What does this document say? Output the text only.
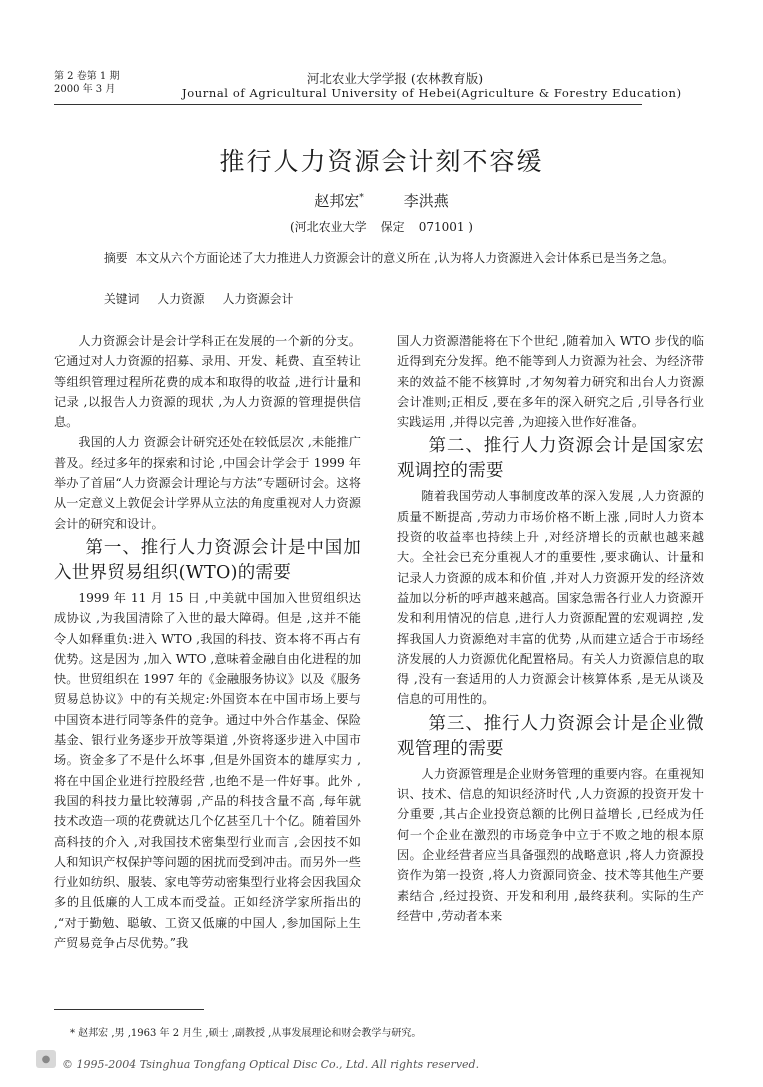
第 2 卷第 1 期
2000 年 3 月
河北农业大学学报 (农林教育版)
Journal of Agricultural University of Hebei(Agriculture & Forestry Education)
推行人力资源会计刻不容缓
赵邦宏*	李洪燕
(河北农业大学 保定 071001 )

摘要 本文从六个方面论述了大力推进人力资源会计的意义所在 ,认为将人力资源进入会计体系已是当务之急。

关键词 人力资源 人力资源会计

人力资源会计是会计学科正在发展的一个新的分支。它通过对人力资源的招募、录用、开发、耗费、直至转让等组织管理过程所花费的成本和取得的收益 ,进行计量和记录 ,以报告人力资源的现状 ,为人力资源的管理提供信息。

我国的人力 资源会计研究还处在较低层次 ,未能推广普及。经过多年的探索和讨论 ,中国会计学会于 1999 年举办了首届“人力资源会计理论与方法”专题研讨会。这将从一定意义上敦促会计学界从立法的角度重视对人力资源会计的研究和设计。

第一、推行人力资源会计是中国加入世界贸易组织(WTO)的需要

1999 年 11 月 15 日 ,中美就中国加入世贸组织达成协议 ,为我国清除了入世的最大障碍。但是 ,这并不能令人如释重负:进入 WTO ,我国的科技、资本将不再占有优势。这是因为 ,加入 WTO ,意味着金融自由化进程的加快。世贸组织在 1997 年的《金融服务协议》以及《服务贸易总协议》中的有关规定:外国资本在中国市场上要与中国资本进行同等条件的竞争。通过中外合作基金、保险基金、银行业务逐步开放等渠道 ,外资将逐步进入中国市场。资金多了不是什么坏事 ,但是外国资本的雄厚实力 ,将在中国企业进行控股经营 ,也绝不是一件好事。此外 ,我国的科技力量比较薄弱 ,产品的科技含量不高 ,每年就技术改造一项的花费就达几个亿甚至几十个亿。随着国外高科技的介入 ,对我国技术密集型行业而言 ,会因技不如人和知识产权保护等问题的困扰而受到冲击。而另外一些行业如纺织、服装、家电等劳动密集型行业将会因我国众多的且低廉的人工成本而受益。正如经济学家所指出的 ,“对于勤勉、聪敏、工资又低廉的中国人 ,参加国际上生产贸易竞争占尽优势。”我

国人力资源潜能将在下个世纪 ,随着加入 WTO 步伐的临近得到充分发挥。绝不能等到人力资源为社会、为经济带来的效益不能不核算时 ,才匆匆着力研究和出台人力资源会计准则;正相反 ,要在多年的深入研究之后 ,引导各行业实践运用 ,并得以完善 ,为迎接入世作好准备。

第二、推行人力资源会计是国家宏观调控的需要

随着我国劳动人事制度改革的深入发展 ,人力资源的质量不断提高 ,劳动力市场价格不断上涨 ,同时人力资本投资的收益率也持续上升 ,对经济增长的贡献也越来越大。全社会已充分重视人才的重要性 ,要求确认、计量和记录人力资源的成本和价值 ,并对人力资源开发的经济效益加以分析的呼声越来越高。国家急需各行业人力资源开发和利用情况的信息 ,进行人力资源配置的宏观调控 ,发挥我国人力资源绝对丰富的优势 ,从而建立适合于市场经济发展的人力资源优化配置格局。有关人力资源信息的取得 ,没有一套适用的人力资源会计核算体系 ,是无从谈及信息的可用性的。

第三、推行人力资源会计是企业微观管理的需要

人力资源管理是企业财务管理的重要内容。在重视知识、技术、信息的知识经济时代 ,人力资源的投资开发十分重要 ,其占企业投资总额的比例日益增长 ,已经成为任何一个企业在激烈的市场竞争中立于不败之地的根本原因。企业经营者应当具备强烈的战略意识 ,将人力资源投资作为第一投资 ,将人力资源同资金、技术等其他生产要素结合 ,经过投资、开发和利用 ,最终获利。实际的生产经营中 ,劳动者本来

* 赵邦宏 ,男 ,1963 年 2 月生 ,硕士 ,副教授 ,从事发展理论和财会教学与研究。
●	© 1995-2004 Tsinghua Tongfang Optical Disc Co., Ltd. All rights reserved.
